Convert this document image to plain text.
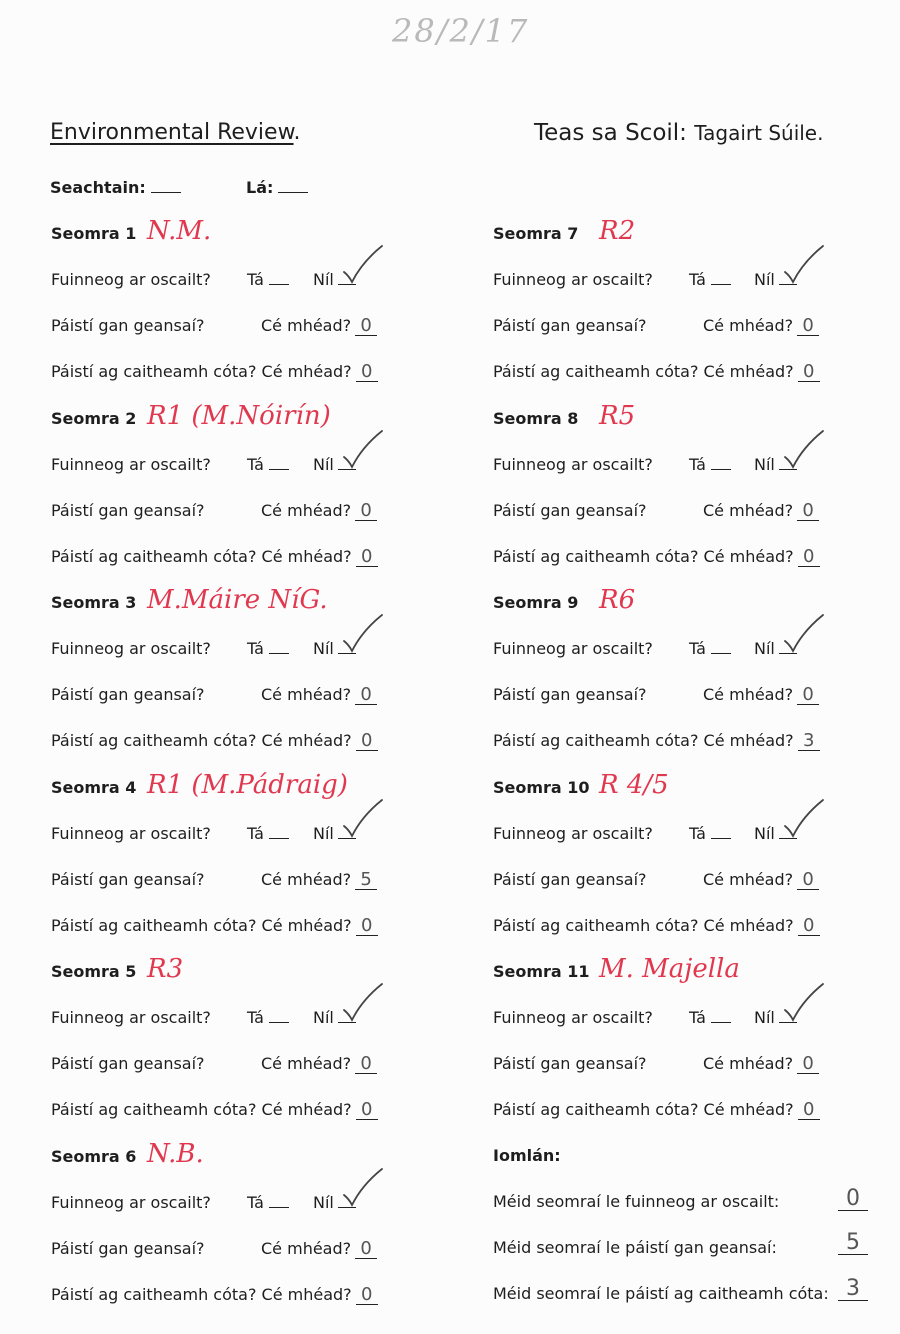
28/2/17
Environmental Review.	Teas sa Scoil: Tagairt Súile.
Seachtain:	Lá:
Seomra 1 N.M.
Fuinneog ar oscailt? Tá	Níl
Páistí gan geansaí?	Cé mhéad? 0
Páistí ag caitheamh cóta? Cé mhéad? 0
Seomra 2 R1 (M.Nóirín)
Fuinneog ar oscailt? Tá	Níl
Páistí gan geansaí?	Cé mhéad? 0
Páistí ag caitheamh cóta? Cé mhéad? 0
Seomra 3 M.Máire NíG.
Fuinneog ar oscailt? Tá	Níl
Páistí gan geansaí?	Cé mhéad? 0
Páistí ag caitheamh cóta? Cé mhéad? 0
Seomra 4 R1 (M.Pádraig)
Fuinneog ar oscailt? Tá	Níl
Páistí gan geansaí?	Cé mhéad? 5
Páistí ag caitheamh cóta? Cé mhéad? 0
Seomra 5 R3
Fuinneog ar oscailt? Tá	Níl
Páistí gan geansaí?	Cé mhéad? 0
Páistí ag caitheamh cóta? Cé mhéad? 0
Seomra 6 N.B.
Fuinneog ar oscailt? Tá	Níl
Páistí gan geansaí?	Cé mhéad? 0
Páistí ag caitheamh cóta? Cé mhéad? 0
Seomra 7 R2
Fuinneog ar oscailt? Tá	Níl
Páistí gan geansaí?	Cé mhéad? 0
Páistí ag caitheamh cóta? Cé mhéad? 0
Seomra 8 R5
Fuinneog ar oscailt? Tá	Níl
Páistí gan geansaí?	Cé mhéad? 0
Páistí ag caitheamh cóta? Cé mhéad? 0
Seomra 9 R6
Fuinneog ar oscailt? Tá	Níl
Páistí gan geansaí?	Cé mhéad? 0
Páistí ag caitheamh cóta? Cé mhéad? 3
Seomra 10 R 4/5
Fuinneog ar oscailt? Tá	Níl
Páistí gan geansaí?	Cé mhéad? 0
Páistí ag caitheamh cóta? Cé mhéad? 0
Seomra 11 M. Majella
Fuinneog ar oscailt? Tá	Níl
Páistí gan geansaí?	Cé mhéad? 0
Páistí ag caitheamh cóta? Cé mhéad? 0
Iomlán:
Méid seomraí le fuinneog ar oscailt:	0
Méid seomraí le páistí gan geansaí:	5
Méid seomraí le páistí ag caitheamh cóta: 3
